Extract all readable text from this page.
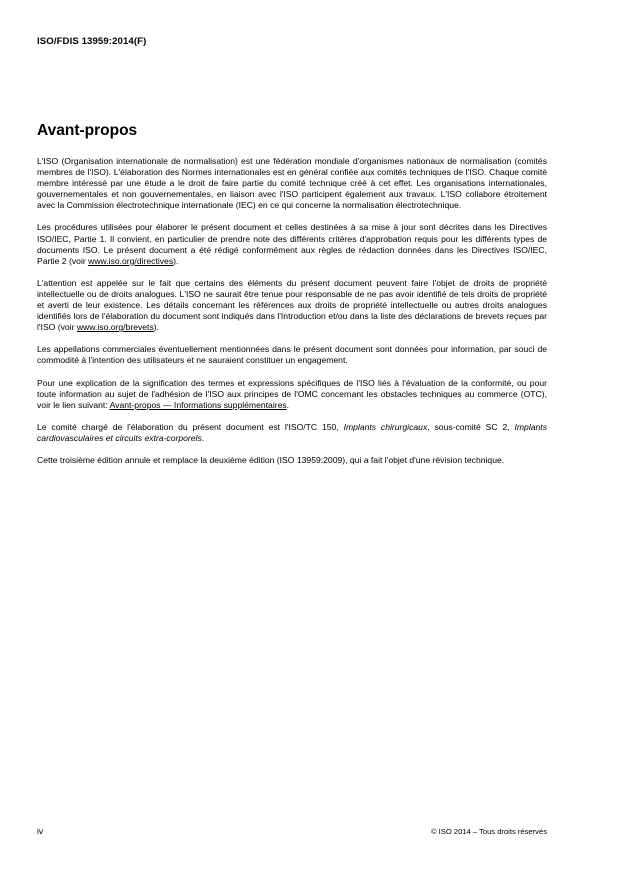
ISO/FDIS 13959:2014(F)
Avant-propos

L'ISO (Organisation internationale de normalisation) est une fédération mondiale d'organismes nationaux de normalisation (comités membres de l'ISO). L'élaboration des Normes internationales est en général confiée aux comités techniques de l'ISO. Chaque comité membre intéressé par une étude a le droit de faire partie du comité technique créé à cet effet. Les organisations internationales, gouvernementales et non gouvernementales, en liaison avec l'ISO participent également aux travaux. L'ISO collabore étroitement avec la Commission électrotechnique internationale (IEC) en ce qui concerne la normalisation électrotechnique.

Les procédures utilisées pour élaborer le présent document et celles destinées à sa mise à jour sont décrites dans les Directives ISO/IEC, Partie 1. Il convient, en particulier de prendre note des différents critères d'approbation requis pour les différents types de documents ISO. Le présent document a été rédigé conformément aux règles de rédaction données dans les Directives ISO/IEC, Partie 2 (voir www.iso.org/directives).

L'attention est appelée sur le fait que certains des éléments du présent document peuvent faire l'objet de droits de propriété intellectuelle ou de droits analogues. L'ISO ne saurait être tenue pour responsable de ne pas avoir identifié de tels droits de propriété et averti de leur existence. Les détails concernant les références aux droits de propriété intellectuelle ou autres droits analogues identifiés lors de l'élaboration du document sont indiqués dans l'Introduction et/ou dans la liste des déclarations de brevets reçues par l'ISO (voir www.iso.org/brevets).

Les appellations commerciales éventuellement mentionnées dans le présent document sont données pour information, par souci de commodité à l'intention des utilisateurs et ne sauraient constituer un engagement.

Pour une explication de la signification des termes et expressions spécifiques de l'ISO liés à l'évaluation de la conformité, ou pour toute information au sujet de l'adhésion de l'ISO aux principes de l'OMC concernant les obstacles techniques au commerce (OTC), voir le lien suivant: Avant-propos — Informations supplémentaires.

Le comité chargé de l'élaboration du présent document est l'ISO/TC 150, Implants chirurgicaux, sous-comité SC 2, Implants cardiovasculaires et circuits extra-corporels.

Cette troisième édition annule et remplace la deuxième édition (ISO 13959:2009), qui a fait l'objet d'une révision technique.

iv	© ISO 2014 – Tous droits réservés
